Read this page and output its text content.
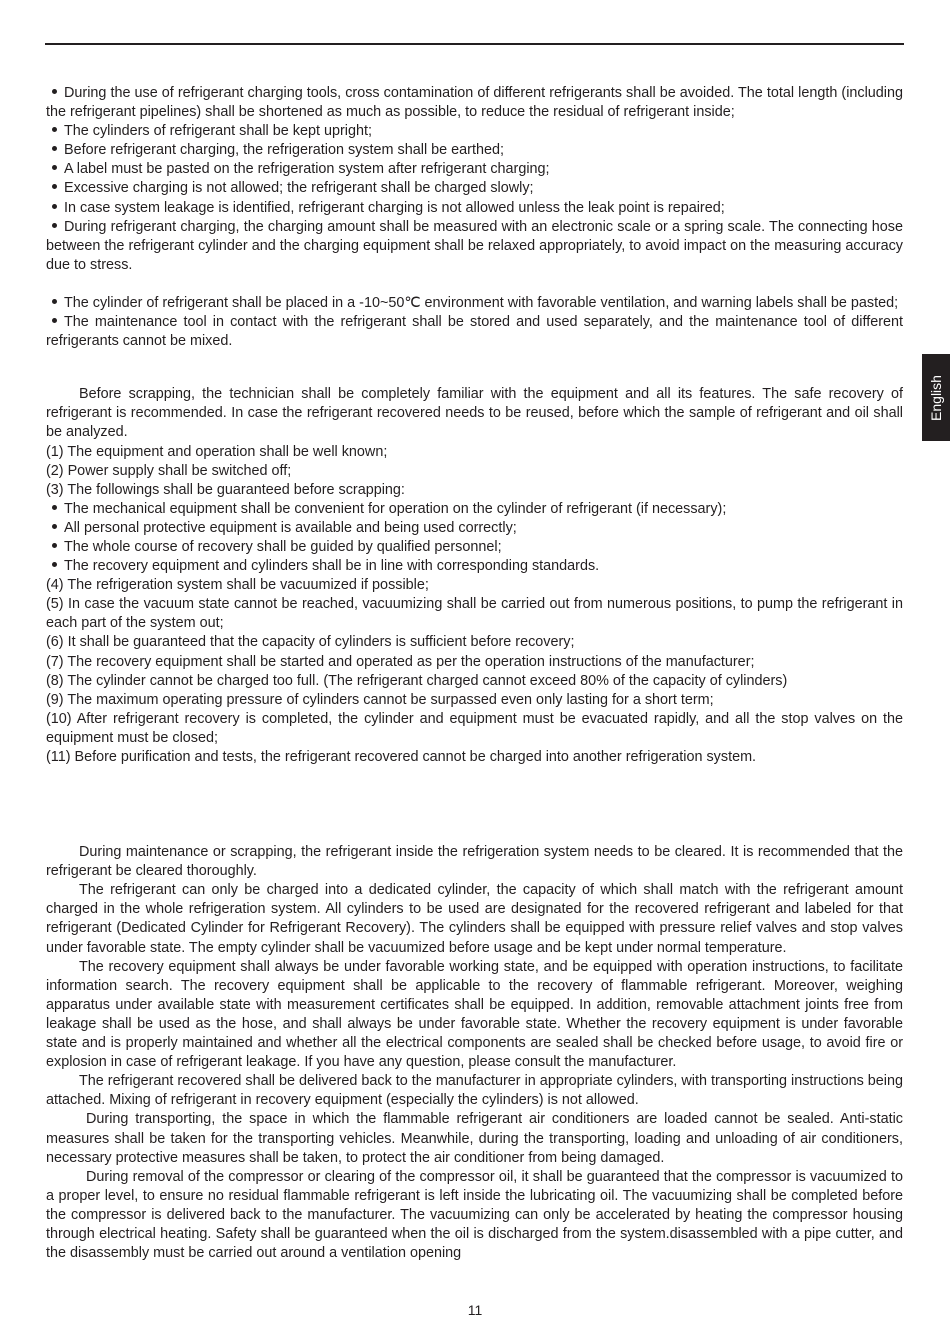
During the use of refrigerant charging tools, cross contamination of different refrigerants shall be avoided. The total length (including the refrigerant pipelines) shall be shortened as much as possible, to reduce the residual of refrigerant inside;

The cylinders of refrigerant shall be kept upright;

Before refrigerant charging, the refrigeration system shall be earthed;

A label must be pasted on the refrigeration system after refrigerant charging;

Excessive charging is not allowed; the refrigerant shall be charged slowly;

In case system leakage is identified, refrigerant charging is not allowed unless the leak point is repaired;

During refrigerant charging, the charging amount shall be measured with an electronic scale or a spring scale. The connecting hose between the refrigerant cylinder and the charging equipment shall be relaxed appropriately, to avoid impact on the measuring accuracy due to stress.

The cylinder of refrigerant shall be placed in a -10~50℃ environment with favorable ventilation, and warning labels shall be pasted;

The maintenance tool in contact with the refrigerant shall be stored and used separately, and the maintenance tool of different refrigerants cannot be mixed.

Before scrapping, the technician shall be completely familiar with the equipment and all its features. The safe recovery of refrigerant is recommended. In case the refrigerant recovered needs to be reused, before which the sample of refrigerant and oil shall be analyzed.

(1) The equipment and operation shall be well known;

(2) Power supply shall be switched off;

(3) The followings shall be guaranteed before scrapping:

The mechanical equipment shall be convenient for operation on the cylinder of refrigerant (if necessary);

All personal protective equipment is available and being used correctly;

The whole course of recovery shall be guided by qualified personnel;

The recovery equipment and cylinders shall be in line with corresponding standards.

(4) The refrigeration system shall be vacuumized if possible;

(5) In case the vacuum state cannot be reached, vacuumizing shall be carried out from numerous positions, to pump the refrigerant in each part of the system out;

(6) It shall be guaranteed that the capacity of cylinders is sufficient before recovery;

(7) The recovery equipment shall be started and operated as per the operation instructions of the manufacturer;

(8) The cylinder cannot be charged too full. (The refrigerant charged cannot exceed 80% of the capacity of cylinders)

(9) The maximum operating pressure of cylinders cannot be surpassed even only lasting for a short term;

(10) After refrigerant recovery is completed, the cylinder and equipment must be evacuated rapidly, and all the stop valves on the equipment must be closed;

(11) Before purification and tests, the refrigerant recovered cannot be charged into another refrigeration system.

During maintenance or scrapping, the refrigerant inside the refrigeration system needs to be cleared. It is recommended that the refrigerant be cleared thoroughly.

The refrigerant can only be charged into a dedicated cylinder, the capacity of which shall match with the refrigerant amount charged in the whole refrigeration system. All cylinders to be used are designated for the recovered refrigerant and labeled for that refrigerant (Dedicated Cylinder for Refrigerant Recovery). The cylinders shall be equipped with pressure relief valves and stop valves under favorable state. The empty cylinder shall be vacuumized before usage and be kept under normal temperature.

The recovery equipment shall always be under favorable working state, and be equipped with operation instructions, to facilitate information search. The recovery equipment shall be applicable to the recovery of flammable refrigerant. Moreover, weighing apparatus under available state with measurement certificates shall be equipped. In addition, removable attachment joints free from leakage shall be used as the hose, and shall always be under favorable state. Whether the recovery equipment is under favorable state and is properly maintained and whether all the electrical components are sealed shall be checked before usage, to avoid fire or explosion in case of refrigerant leakage. If you have any question, please consult the manufacturer.

The refrigerant recovered shall be delivered back to the manufacturer in appropriate cylinders, with transporting instructions being attached. Mixing of refrigerant in recovery equipment (especially the cylinders) is not allowed.

During transporting, the space in which the flammable refrigerant air conditioners are loaded cannot be sealed. Anti-static measures shall be taken for the transporting vehicles. Meanwhile, during the transporting, loading and unloading of air conditioners, necessary protective measures shall be taken, to protect the air conditioner from being damaged.

During removal of the compressor or clearing of the compressor oil, it shall be guaranteed that the compressor is vacuumized to a proper level, to ensure no residual flammable refrigerant is left inside the lubricating oil. The vacuumizing shall be completed before the compressor is delivered back to the manufacturer. The vacuumizing can only be accelerated by heating the compressor housing through electrical heating. Safety shall be guaranteed when the oil is discharged from the system.disassembled with a pipe cutter, and the disassembly must be carried out around a ventilation opening

English
11
